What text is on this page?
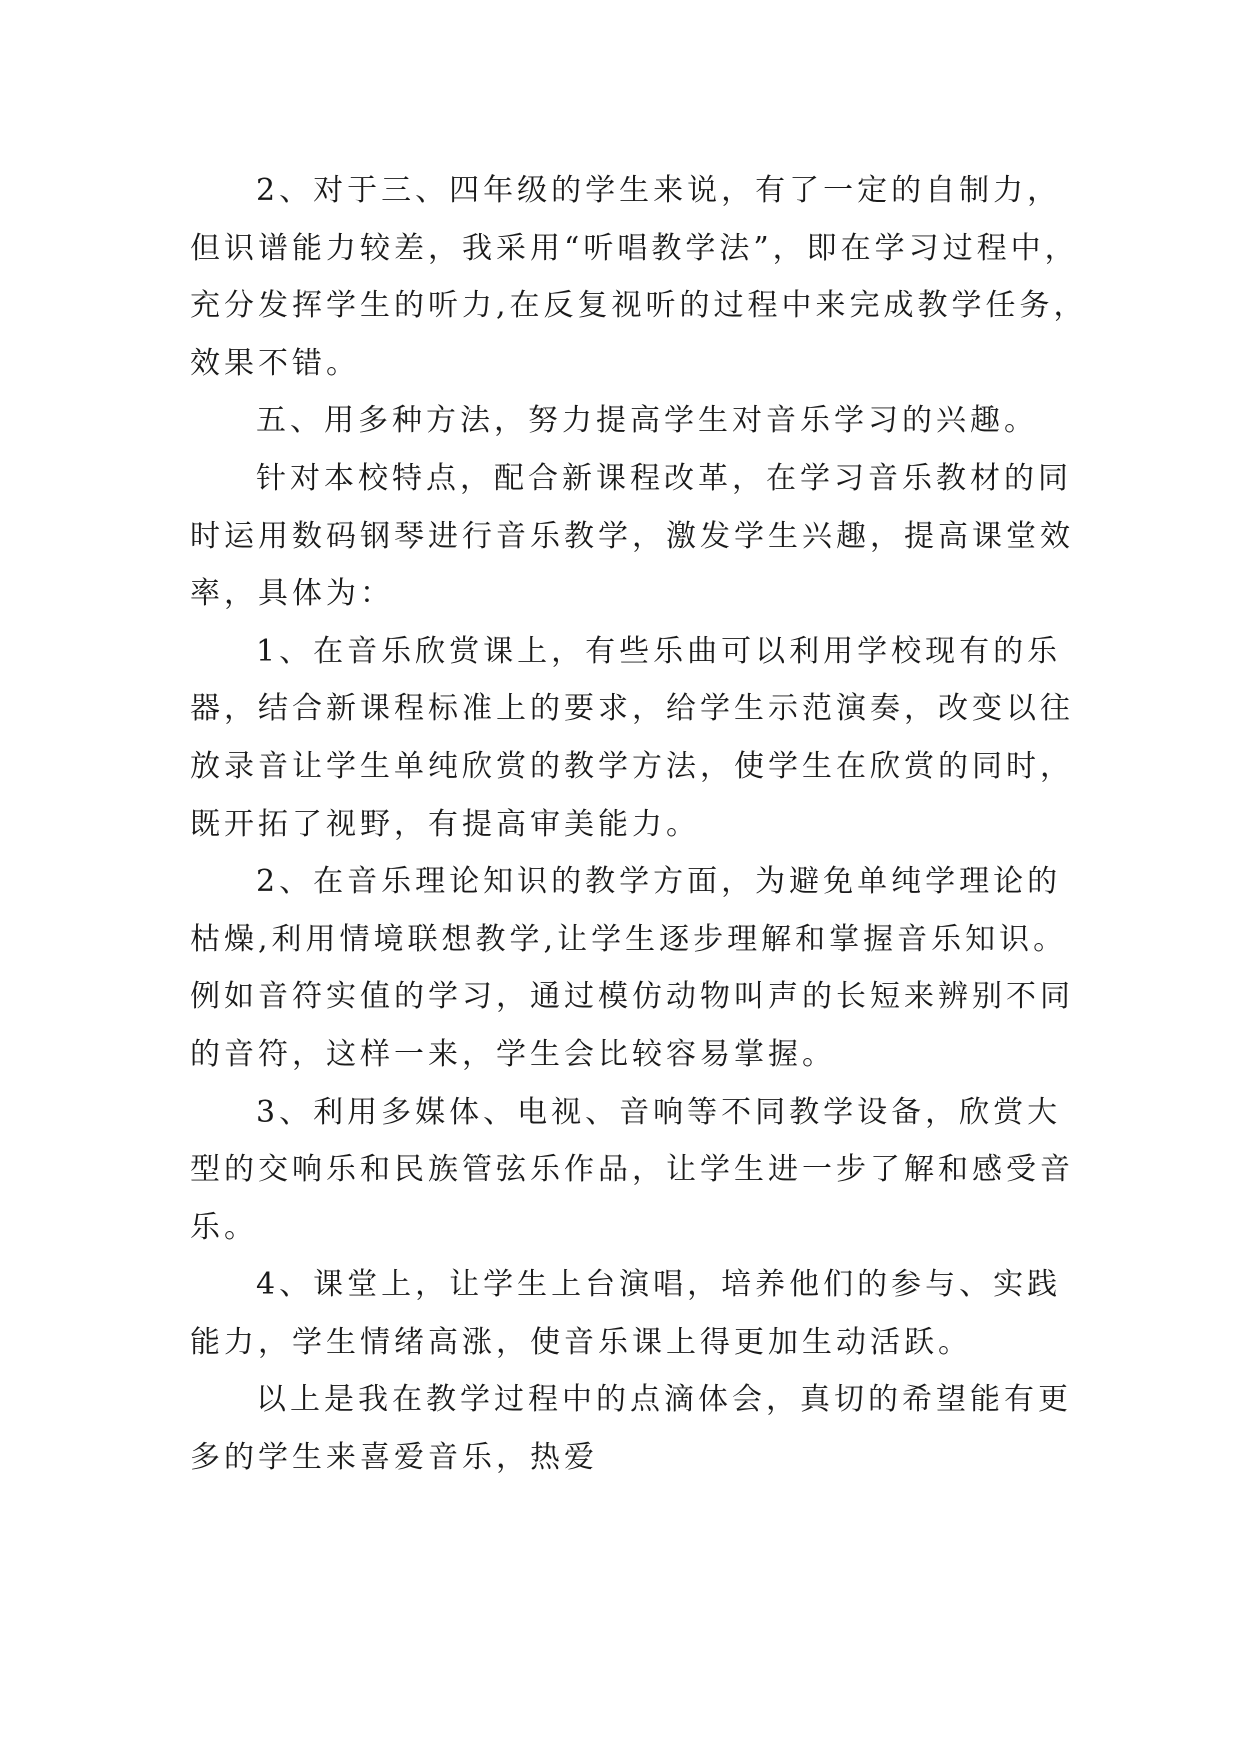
2、对于三、四年级的学生来说，有了一定的自制力，
但识谱能力较差，我采用“听唱教学法”，即在学习过程中，
充分发挥学生的听力,在反复视听的过程中来完成教学任务，
效果不错。
五、用多种方法，努力提高学生对音乐学习的兴趣。
针对本校特点，配合新课程改革，在学习音乐教材的同
时运用数码钢琴进行音乐教学，激发学生兴趣，提高课堂效
率，具体为：
1、在音乐欣赏课上，有些乐曲可以利用学校现有的乐
器，结合新课程标准上的要求，给学生示范演奏，改变以往
放录音让学生单纯欣赏的教学方法，使学生在欣赏的同时，
既开拓了视野，有提高审美能力。
2、在音乐理论知识的教学方面，为避免单纯学理论的
枯燥,利用情境联想教学,让学生逐步理解和掌握音乐知识。
例如音符实值的学习，通过模仿动物叫声的长短来辨别不同
的音符，这样一来，学生会比较容易掌握。
3、利用多媒体、电视、音响等不同教学设备，欣赏大
型的交响乐和民族管弦乐作品，让学生进一步了解和感受音
乐。
4、课堂上，让学生上台演唱，培养他们的参与、实践
能力，学生情绪高涨，使音乐课上得更加生动活跃。
以上是我在教学过程中的点滴体会，真切的希望能有更
多的学生来喜爱音乐，热爱
